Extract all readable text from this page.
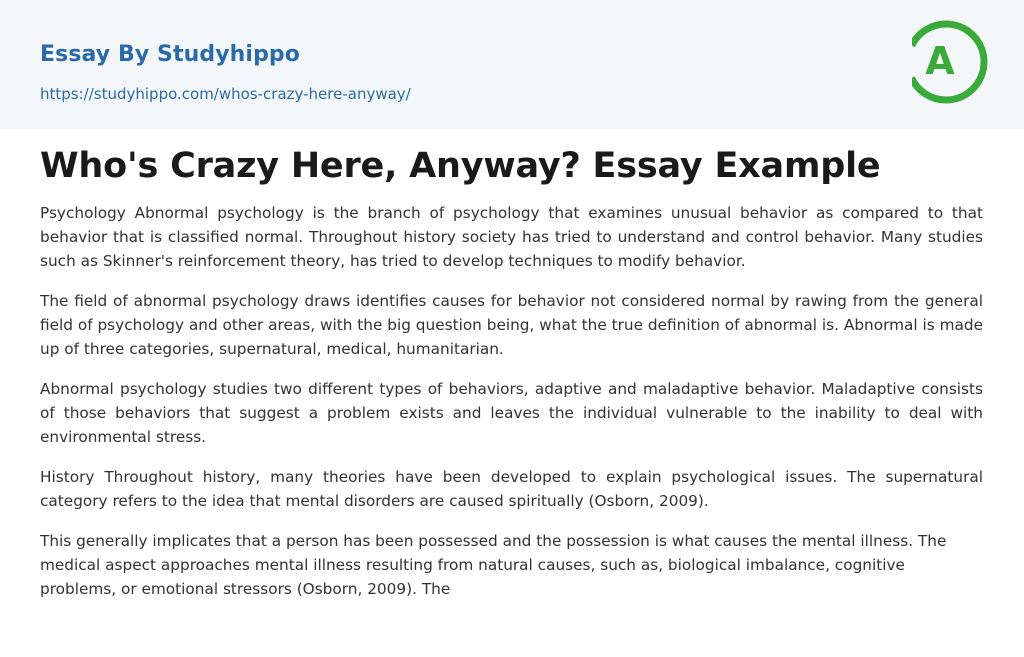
Essay By Studyhippo
https://studyhippo.com/whos-crazy-here-anyway/
A
Who's Crazy Here, Anyway? Essay Example

Psychology Abnormal psychology is the branch of psychology that examines unusual behavior as compared to that behavior that is classified normal. Throughout history society has tried to understand and control behavior. Many studies such as Skinner's reinforcement theory, has tried to develop techniques to modify behavior.

The field of abnormal psychology draws identifies causes for behavior not considered normal by rawing from the general field of psychology and other areas, with the big question being, what the true definition of abnormal is. Abnormal is made up of three categories, supernatural, medical, humanitarian.

Abnormal psychology studies two different types of behaviors, adaptive and maladaptive behavior. Maladaptive consists of those behaviors that suggest a problem exists and leaves the individual vulnerable to the inability to deal with environmental stress.

History Throughout history, many theories have been developed to explain psychological issues. The supernatural category refers to the idea that mental disorders are caused spiritually (Osborn, 2009).

This generally implicates that a person has been possessed and the possession is what causes the mental illness. The medical aspect approaches mental illness resulting from natural causes, such as, biological imbalance, cognitive problems, or emotional stressors (Osborn, 2009). The
